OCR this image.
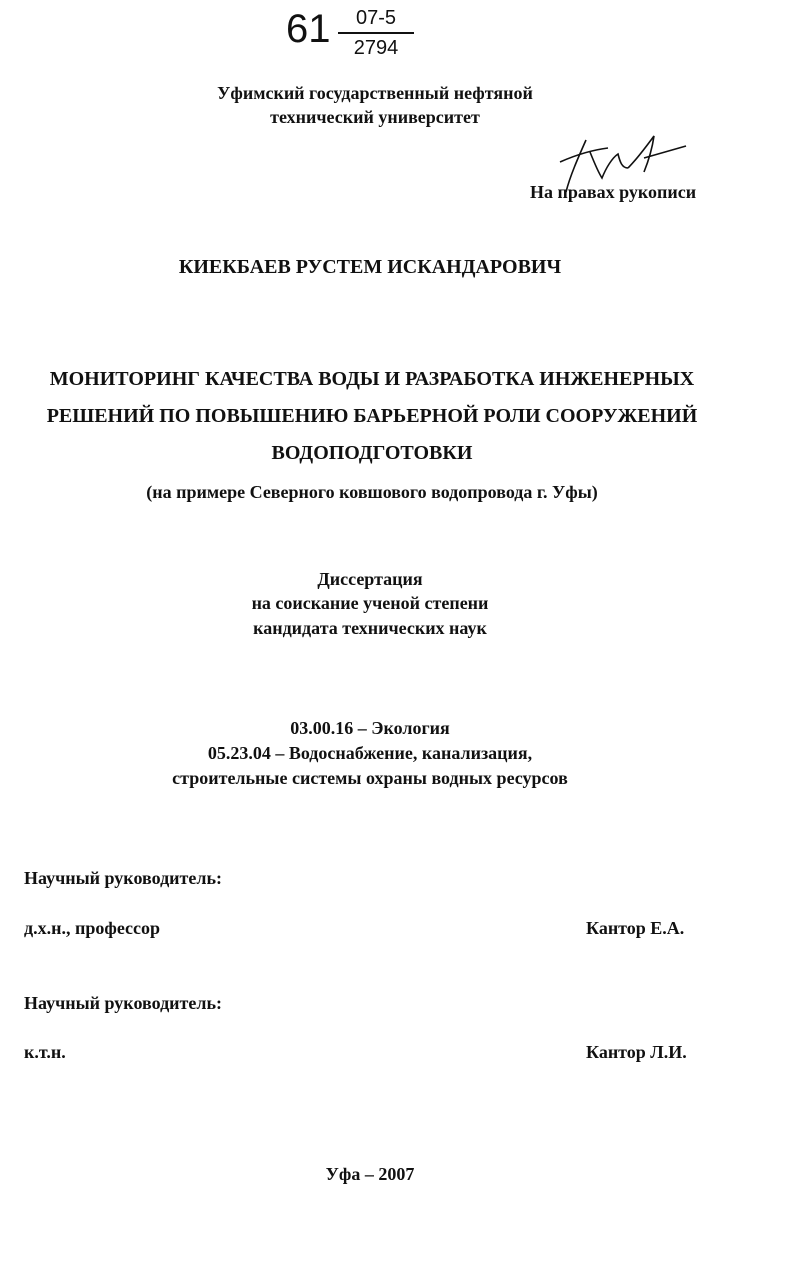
61	07-5
2794
Уфимский государственный нефтяной
технический университет
На правах рукописи
КИЕКБАЕВ РУСТЕМ ИСКАНДАРОВИЧ
МОНИТОРИНГ КАЧЕСТВА ВОДЫ И РАЗРАБОТКА ИНЖЕНЕРНЫХ
РЕШЕНИЙ ПО ПОВЫШЕНИЮ БАРЬЕРНОЙ РОЛИ СООРУЖЕНИЙ
ВОДОПОДГОТОВКИ
(на примере Северного ковшового водопровода г. Уфы)
Диссертация
на соискание ученой степени
кандидата технических наук
03.00.16 – Экология
05.23.04 – Водоснабжение, канализация,
строительные системы охраны водных ресурсов
Научный руководитель:
д.х.н., профессор	Кантор Е.А.
Научный руководитель:
к.т.н.	Кантор Л.И.
Уфа – 2007
